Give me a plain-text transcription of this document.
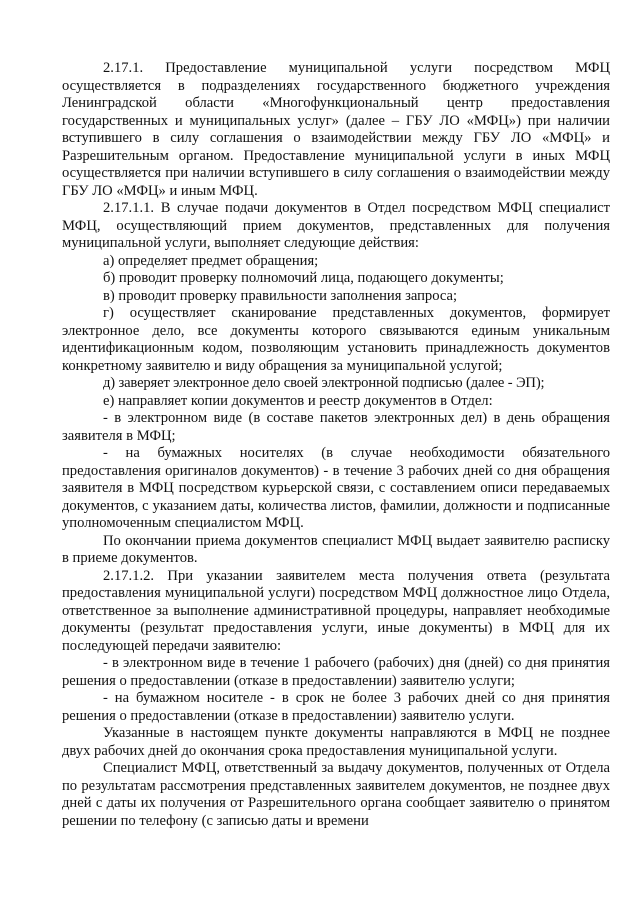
2.17.1. Предоставление муниципальной услуги посредством МФЦ осуществляется в подразделениях государственного бюджетного учреждения Ленинградской области «Многофункциональный центр предоставления государственных и муниципальных услуг» (далее – ГБУ ЛО «МФЦ») при наличии вступившего в силу соглашения о взаимодействии между ГБУ ЛО «МФЦ» и Разрешительным органом. Предоставление муниципальной услуги в иных МФЦ осуществляется при наличии вступившего в силу соглашения о взаимодействии между ГБУ ЛО «МФЦ» и иным МФЦ.

2.17.1.1. В случае подачи документов в Отдел посредством МФЦ специалист МФЦ, осуществляющий прием документов, представленных для получения муниципальной услуги, выполняет следующие действия:

а) определяет предмет обращения;

б) проводит проверку полномочий лица, подающего документы;

в) проводит проверку правильности заполнения запроса;

г) осуществляет сканирование представленных документов, формирует электронное дело, все документы которого связываются единым уникальным идентификационным кодом, позволяющим установить принадлежность документов конкретному заявителю и виду обращения за муниципальной услугой;

д) заверяет электронное дело своей электронной подписью (далее - ЭП);

е) направляет копии документов и реестр документов в Отдел:

- в электронном виде (в составе пакетов электронных дел) в день обращения заявителя в МФЦ;

- на бумажных носителях (в случае необходимости обязательного предоставления оригиналов документов) - в течение 3 рабочих дней со дня обращения заявителя в МФЦ посредством курьерской связи, с составлением описи передаваемых документов, с указанием даты, количества листов, фамилии, должности и подписанные уполномоченным специалистом МФЦ.

По окончании приема документов специалист МФЦ выдает заявителю расписку в приеме документов.

2.17.1.2. При указании заявителем места получения ответа (результата предоставления муниципальной услуги) посредством МФЦ должностное лицо Отдела, ответственное за выполнение административной процедуры, направляет необходимые документы (результат предоставления услуги, иные документы) в МФЦ для их последующей передачи заявителю:

- в электронном виде в течение 1 рабочего (рабочих) дня (дней) со дня принятия решения о предоставлении (отказе в предоставлении) заявителю услуги;

- на бумажном носителе - в срок не более 3 рабочих дней со дня принятия решения о предоставлении (отказе в предоставлении) заявителю услуги.

Указанные в настоящем пункте документы направляются в МФЦ не позднее двух рабочих дней до окончания срока предоставления муниципальной услуги.

Специалист МФЦ, ответственный за выдачу документов, полученных от Отдела по результатам рассмотрения представленных заявителем документов, не позднее двух дней с даты их получения от Разрешительного органа сообщает заявителю о принятом решении по телефону (с записью даты и времени
